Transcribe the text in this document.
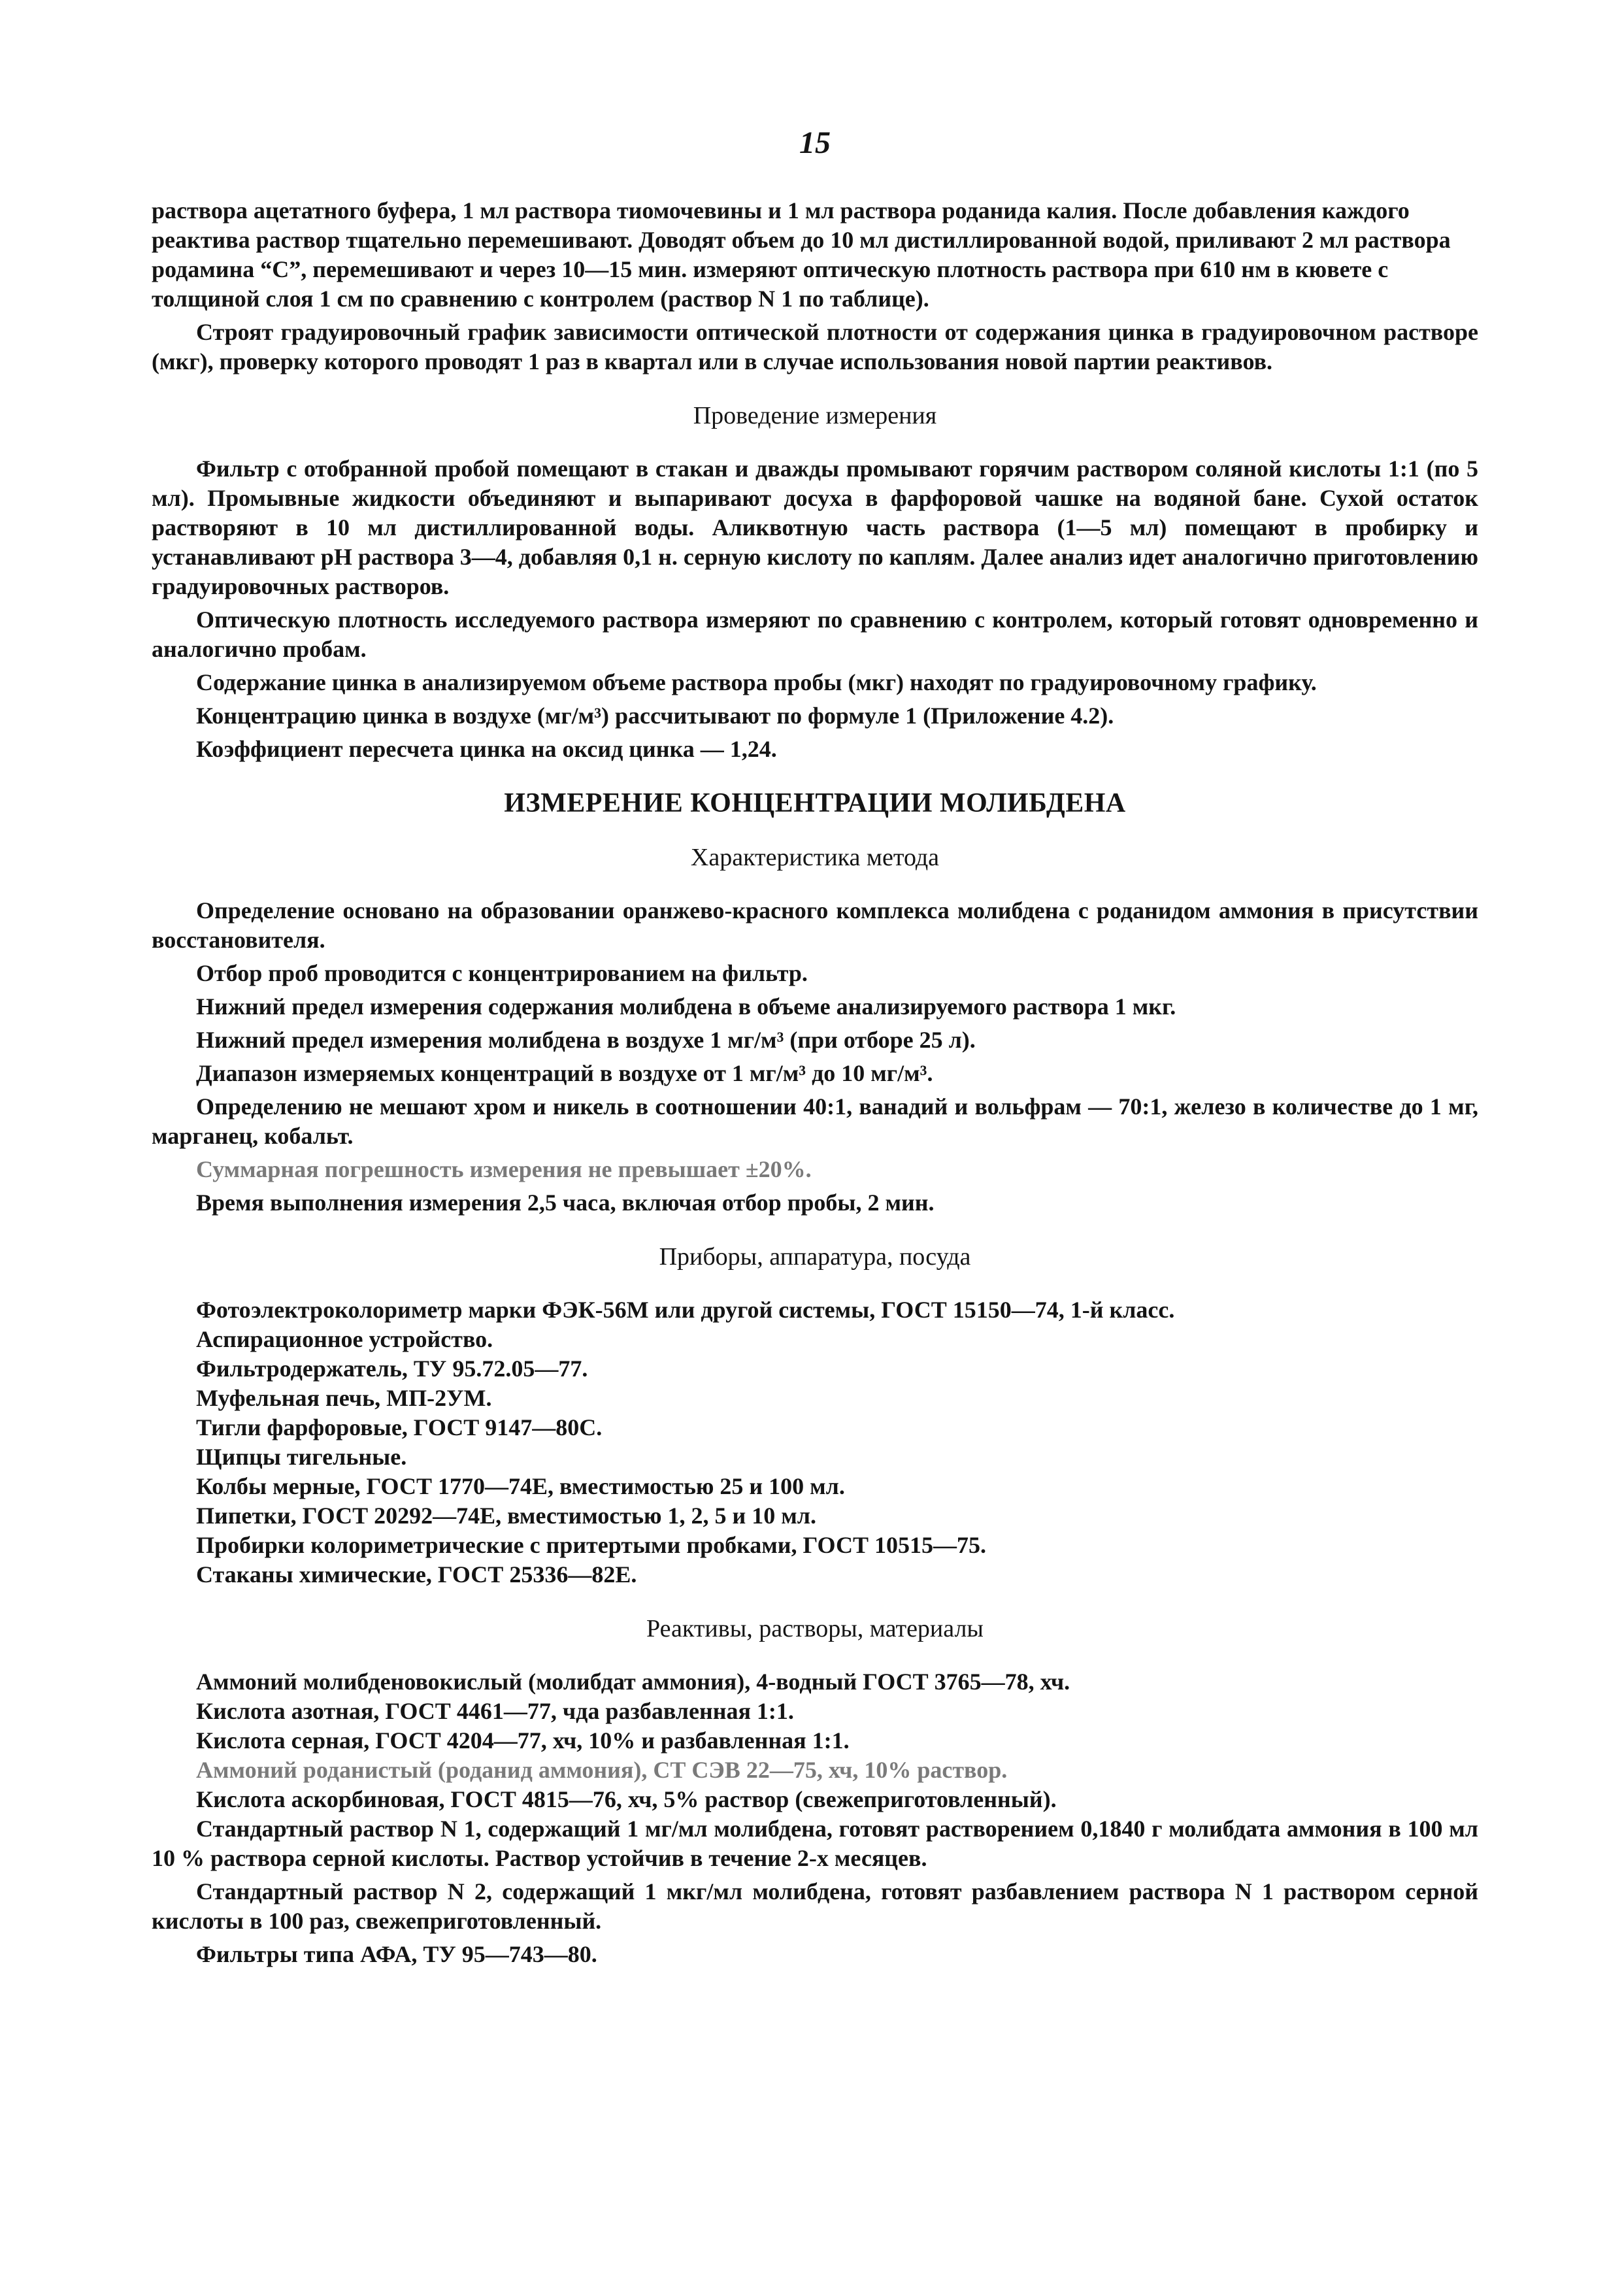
15

раствора ацетатного буфера, 1 мл раствора тиомочевины и 1 мл раствора роданида калия. После добавления каждого реактива раствор тщательно перемешивают. Доводят объем до 10 мл дистиллированной водой, приливают 2 мл раствора родамина “С”, перемешивают и через 10—15 мин. измеряют оптическую плотность раствора при 610 нм в кювете с толщиной слоя 1 см по сравнению с контролем (раствор N 1 по таблице).

Строят градуировочный график зависимости оптической плотности от содержания цинка в градуировочном растворе (мкг), проверку которого проводят 1 раз в квартал или в случае использования новой партии реактивов.

Проведение измерения

Фильтр с отобранной пробой помещают в стакан и дважды промывают горячим раствором соляной кислоты 1:1 (по 5 мл). Промывные жидкости объединяют и выпаривают досуха в фарфоровой чашке на водяной бане. Сухой остаток растворяют в 10 мл дистиллированной воды. Аликвотную часть раствора (1—5 мл) помещают в пробирку и устанавливают pH раствора 3—4, добавляя 0,1 н. серную кислоту по каплям. Далее анализ идет аналогично приготовлению градуировочных растворов.

Оптическую плотность исследуемого раствора измеряют по сравнению с контролем, который готовят одновременно и аналогично пробам.

Содержание цинка в анализируемом объеме раствора пробы (мкг) находят по градуировочному графику.

Концентрацию цинка в воздухе (мг/м³) рассчитывают по формуле 1 (Приложение 4.2).

Коэффициент пересчета цинка на оксид цинка — 1,24.

ИЗМЕРЕНИЕ КОНЦЕНТРАЦИИ МОЛИБДЕНА
Характеристика метода

Определение основано на образовании оранжево-красного комплекса молибдена с роданидом аммония в присутствии восстановителя.

Отбор проб проводится с концентрированием на фильтр.

Нижний предел измерения содержания молибдена в объеме анализируемого раствора 1 мкг.

Нижний предел измерения молибдена в воздухе 1 мг/м³ (при отборе 25 л).

Диапазон измеряемых концентраций в воздухе от 1 мг/м³ до 10 мг/м³.

Определению не мешают хром и никель в соотношении 40:1, ванадий и вольфрам — 70:1, железо в количестве до 1 мг, марганец, кобальт.

Суммарная погрешность измерения не превышает ±20%.

Время выполнения измерения 2,5 часа, включая отбор пробы, 2 мин.

Приборы, аппаратура, посуда
Фотоэлектроколориметр марки ФЭК-56М или другой системы, ГОСТ 15150—74, 1-й класс.
Аспирационное устройство.
Фильтродержатель, ТУ 95.72.05—77.
Муфельная печь, МП-2УМ.
Тигли фарфоровые, ГОСТ 9147—80С.
Щипцы тигельные.
Колбы мерные, ГОСТ 1770—74Е, вместимостью 25 и 100 мл.
Пипетки, ГОСТ 20292—74Е, вместимостью 1, 2, 5 и 10 мл.
Пробирки колориметрические с притертыми пробками, ГОСТ 10515—75.
Стаканы химические, ГОСТ 25336—82Е.
Реактивы, растворы, материалы
Аммоний молибденовокислый (молибдат аммония), 4-водный ГОСТ 3765—78, хч.
Кислота азотная, ГОСТ 4461—77, чда разбавленная 1:1.
Кислота серная, ГОСТ 4204—77, хч, 10% и разбавленная 1:1.
Аммоний роданистый (роданид аммония), СТ СЭВ 22—75, хч, 10% раствор.
Кислота аскорбиновая, ГОСТ 4815—76, хч, 5% раствор (свежеприготовленный).

Стандартный раствор N 1, содержащий 1 мг/мл молибдена, готовят растворением 0,1840 г молибдата аммония в 100 мл 10 % раствора серной кислоты. Раствор устойчив в течение 2-х месяцев.

Стандартный раствор N 2, содержащий 1 мкг/мл молибдена, готовят разбавлением раствора N 1 раствором серной кислоты в 100 раз, свежеприготовленный.

Фильтры типа АФА, ТУ 95—743—80.
